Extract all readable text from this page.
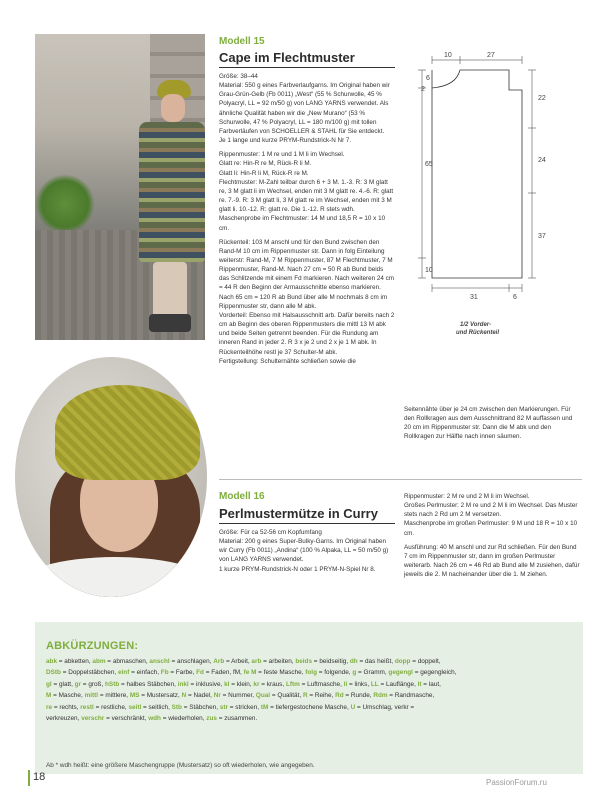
Modell 15
Cape im Flechtmuster

Größe: 38–44

Material: 550 g eines Farbverlaufgarns. Im Original haben wir Grau-Grün-Gelb (Fb 0011) „West“ (55 % Schurwolle, 45 % Polyacryl, LL = 92 m/50 g) von LANG YARNS verwendet. Als ähnliche Qualität haben wir die „New Murano“ (53 % Schurwolle, 47 % Polyacryl, LL = 180 m/100 g) mit tollen Farbverläufen von SCHOELLER & STAHL für Sie entdeckt.

Je 1 lange und kurze PRYM-Rundstrick-N Nr 7.

Rippenmuster: 1 M re und 1 M li im Wechsel.

Glatt re: Hin-R re M, Rück-R li M.

Glatt li: Hin-R li M, Rück-R re M.

Flechtmuster: M-Zahl teilbar durch 6 + 3 M. 1.-3. R: 3 M glatt re, 3 M glatt li im Wechsel, enden mit 3 M glatt re. 4.-6. R: glatt re. 7.-9. R: 3 M glatt li, 3 M glatt re im Wechsel, enden mit 3 M glatt li. 10.-12. R: glatt re. Die 1.-12. R stets wdh.

Maschenprobe im Flechtmuster: 14 M und 18,5 R = 10 x 10 cm.

Rückenteil: 103 M anschl und für den Bund zwischen den Rand-M 10 cm im Rippenmuster str. Dann in folg Einteilung weiterstr: Rand-M, 7 M Rippenmuster, 87 M Flechtmuster, 7 M Rippenmuster, Rand-M. Nach 27 cm = 50 R ab Bund beids das Schlitzende mit einem Fd markieren. Nach weiteren 24 cm = 44 R den Beginn der Armausschnitte ebenso markieren. Nach 65 cm = 120 R ab Bund über alle M nochmals 8 cm im Rippenmuster str, dann alle M abk.

Vorderteil: Ebenso mit Halsausschnitt arb. Dafür bereits nach 2 cm ab Beginn des oberen Rippenmusters die mittl 13 M abk und beide Seiten getrennt beenden. Für die Rundung am inneren Rand in jeder 2. R 3 x je 2 und 2 x je 1 M abk. In Rückenteilhöhe restl je 37 Schulter-M abk.

Fertigstellung: Schulternähte schließen sowie die

Seitennähte über je 24 cm zwischen den Markierungen. Für den Rollkragen aus dem Ausschnittrand 82 M auffassen und 20 cm im Rippenmuster str. Dann die M abk und den Rollkragen zur Hälfte nach innen säumen.

10	27
6
2
22
65
24
37
10
31	6
1/2 Vorder-
und Rückenteil
Modell 16
Perlmustermütze in Curry

Größe: Für ca 52-56 cm Kopfumfang

Material: 200 g eines Super-Bulky-Garns. Im Original haben wir Curry (Fb 0011) „Andina“ (100 % Alpaka, LL = 50 m/50 g) von LANG YARNS verwendet.

1 kurze PRYM-Rundstrick-N oder 1 PRYM-N-Spiel Nr 8.

Rippenmuster: 2 M re und 2 M li im Wechsel.

Großes Perlmuster: 2 M re und 2 M li im Wechsel. Das Muster stets nach 2 Rd um 2 M versetzen.

Maschenprobe im großen Perlmuster: 9 M und 18 R = 10 x 10 cm.

Ausführung: 40 M anschl und zur Rd schließen. Für den Bund 7 cm im Rippenmuster str, dann im großen Perlmuster weiterarb. Nach 26 cm = 46 Rd ab Bund alle M zusiehen, dafür jeweils die 2. M nacheinander über die 1. M ziehen.

ABKÜRZUNGEN:
abk = abketten, abm = abmaschen, anschl = anschlagen, Arb = Arbeit, arb = arbeiten, beids = beidseitig, dh = das heißt, dopp = doppelt,
DStb = Doppelstäbchen, einf = einfach, Fb = Farbe, Fd = Faden, fM, fe M = feste Masche, folg = folgende, g = Gramm, gegengl = gegengleich,
gl = glatt, gr = groß, hStb = halbes Stäbchen, inkl = inklusive, kl = klein, kr = kraus, Lftm = Luftmasche, li = links, LL = Lauflänge, lt = laut,
M = Masche, mittl = mittlere, MS = Mustersatz, N = Nadel, Nr = Nummer, Qual = Qualität, R = Reihe, Rd = Runde, Rdm = Randmasche,
re = rechts, restl = restliche, seitl = seitlich, Stb = Stäbchen, str = stricken, tM = tiefergestochene Masche, U = Umschlag, verkr =
verkreuzen, verschr = verschränkt, wdh = wiederholen, zus = zusammen.
Ab * wdh heißt: eine größere Maschengruppe (Mustersatz) so oft wiederholen, wie angegeben.
18	PassionForum.ru
